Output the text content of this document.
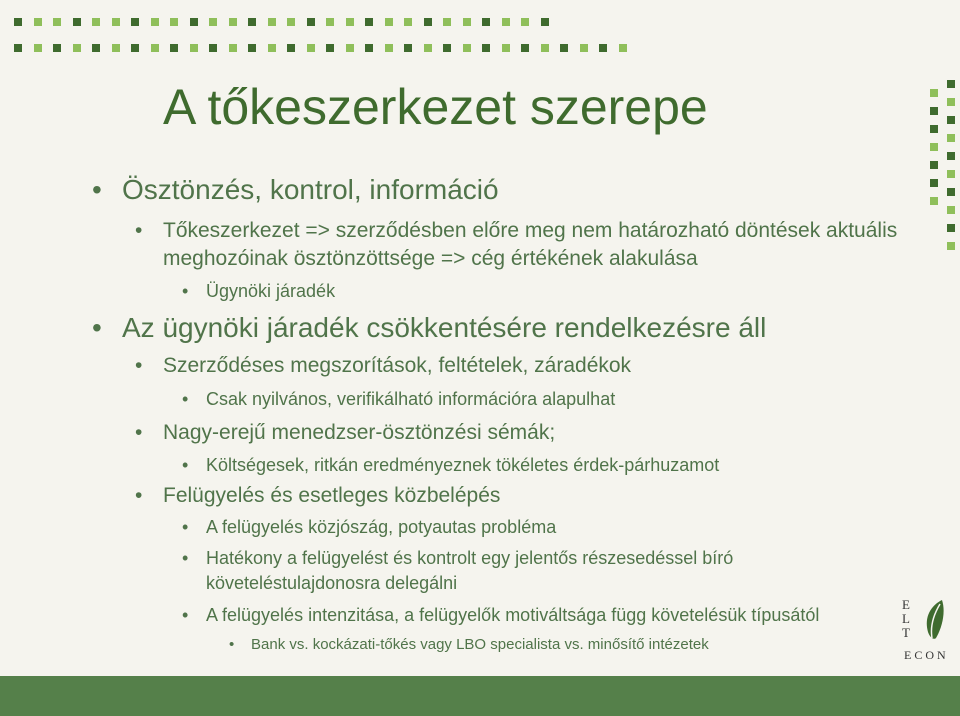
A tőkeszerkezet szerepe
• Ösztönzés, kontrol, információ
• Tőkeszerkezet => szerződésben előre meg nem határozható döntések aktuális
meghozóinak ösztönzöttsége => cég értékének alakulása
• Ügynöki járadék
• Az ügynöki járadék csökkentésére rendelkezésre áll
• Szerződéses megszorítások, feltételek, záradékok
• Csak nyilvános, verifikálható információra alapulhat
• Nagy-erejű menedzser-ösztönzési sémák;
• Költségesek, ritkán eredményeznek tökéletes érdek-párhuzamot
• Felügyelés és esetleges közbelépés
• A felügyelés közjószág, potyautas probléma
• Hatékony a felügyelést és kontrolt egy jelentős részesedéssel bíró
követeléstulajdonosra delegálni
• A felügyelés intenzitása, a felügyelők motiváltsága függ követelésük típusától
• Bank vs. kockázati-tőkés vagy LBO specialista vs. minősítő intézetek
E
L
T
ECON
